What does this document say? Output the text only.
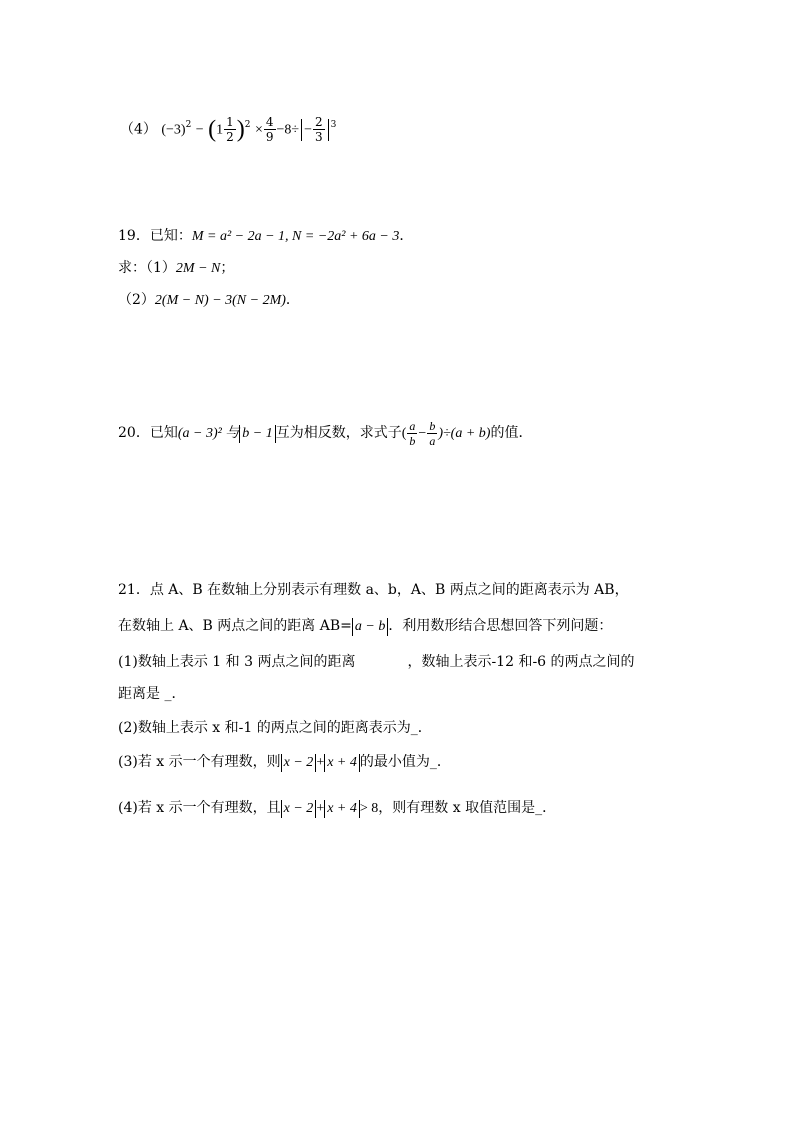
（4） $(-3)^2 - (1 \frac{1}{2} )^2 \times \frac{4}{9} -8\div - \frac{2}{3} ^3$
19．已知：M = a² − 2a − 1, N = −2a² + 6a − 3．
求：（1）2M − N；
（2）2(M − N) − 3(N − 2M)．
20．已知(a − 3)² 与 b − 1 互为相反数，求式子( $\frac{a}{b} - \frac{b}{a} )\div(a + b)$的值．
21．点 A、B 在数轴上分别表示有理数 a、b，A、B 两点之间的距离表示为 AB，
在数轴上 A、B 两点之间的距离 AB= a − b ．利用数形结合思想回答下列问题：
(1)数轴上表示 1 和 3 两点之间的距离	，数轴上表示-12 和-6 的两点之间的
距离是 _．
(2)数轴上表示 x 和-1 的两点之间的距离表示为_．
(3)若 x 示一个有理数，则 x − 2 + x + 4 的最小值为_．
(4)若 x 示一个有理数，且 x − 2 + x + 4 > 8，则有理数 x 取值范围是_．
